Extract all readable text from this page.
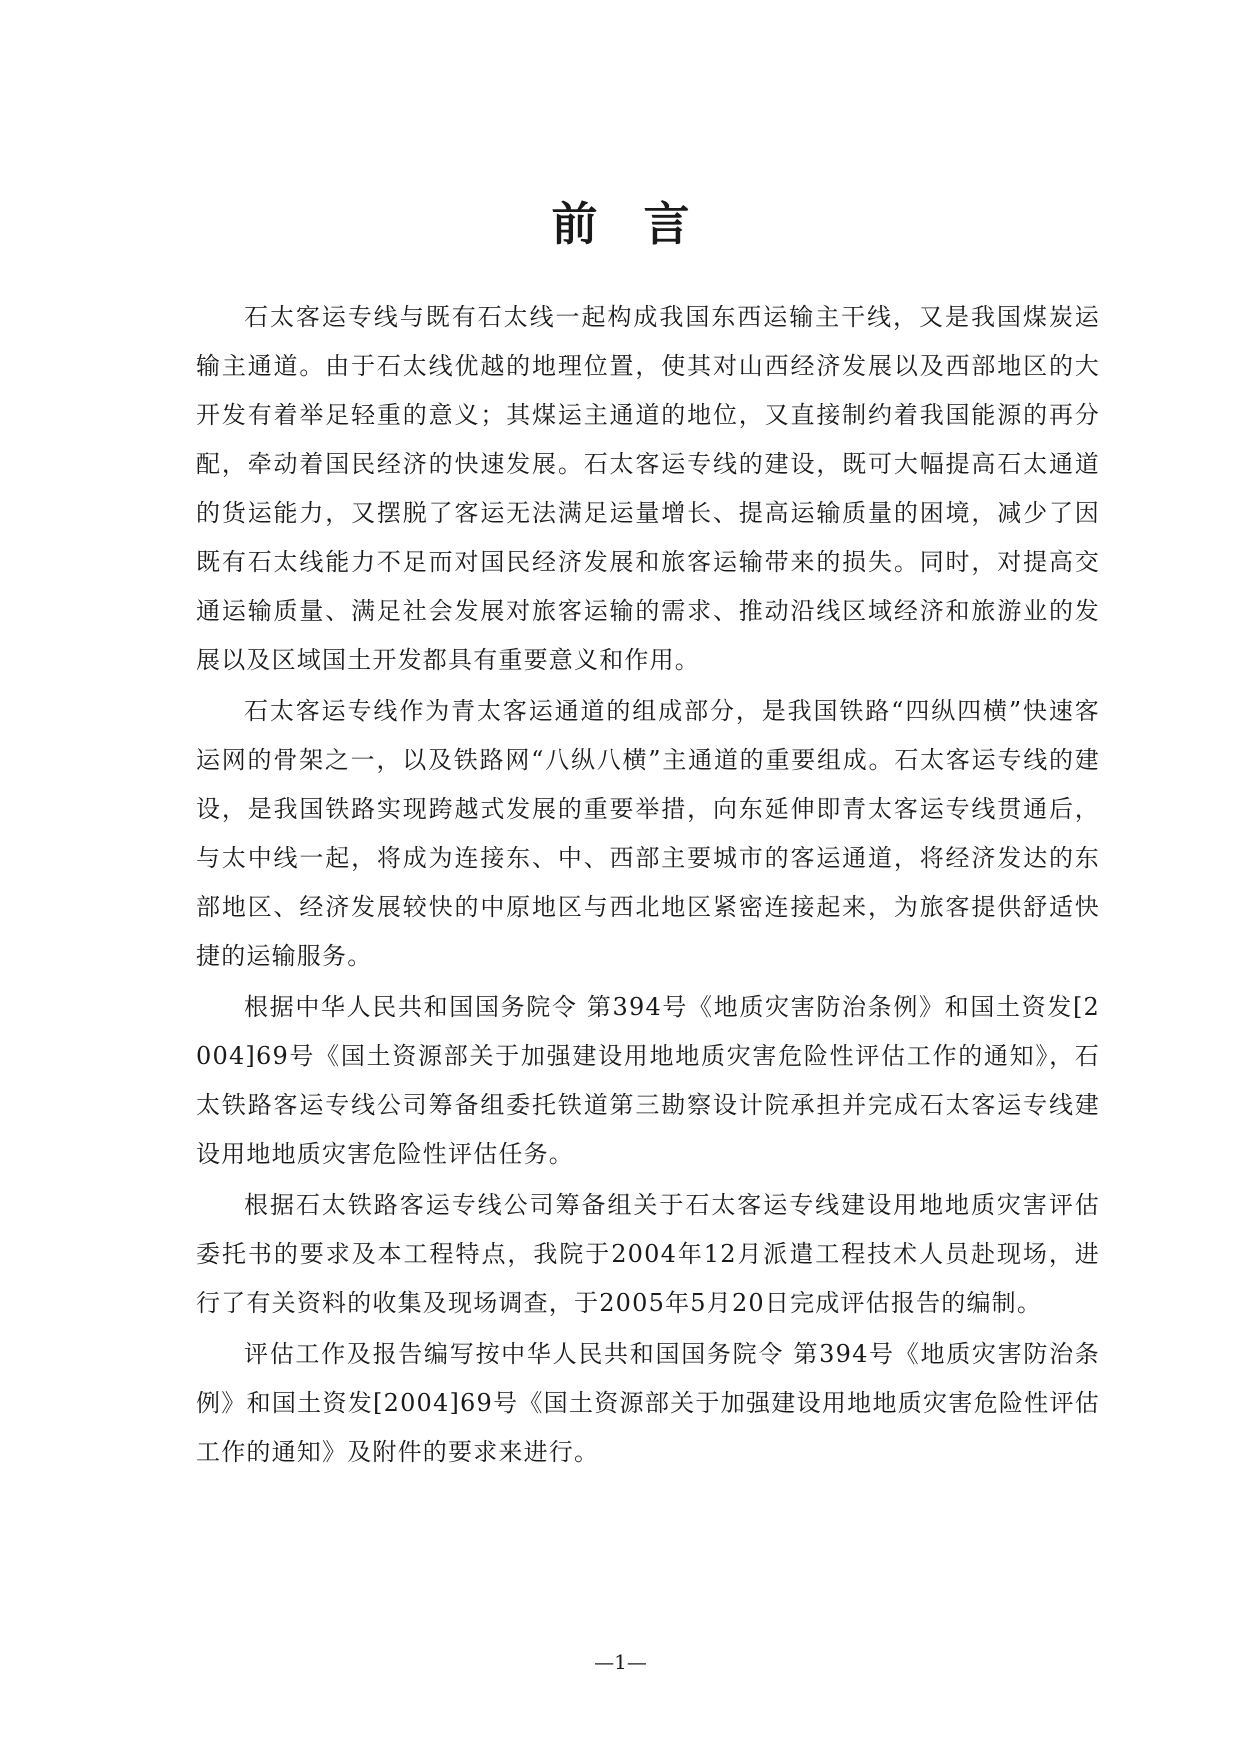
前言

石太客运专线与既有石太线一起构成我国东西运输主干线，又是我国煤炭运输主通道。由于石太线优越的地理位置，使其对山西经济发展以及西部地区的大开发有着举足轻重的意义；其煤运主通道的地位，又直接制约着我国能源的再分配，牵动着国民经济的快速发展。石太客运专线的建设，既可大幅提高石太通道的货运能力，又摆脱了客运无法满足运量增长、提高运输质量的困境，减少了因既有石太线能力不足而对国民经济发展和旅客运输带来的损失。同时，对提高交通运输质量、满足社会发展对旅客运输的需求、推动沿线区域经济和旅游业的发展以及区域国土开发都具有重要意义和作用。

石太客运专线作为青太客运通道的组成部分，是我国铁路“四纵四横”快速客运网的骨架之一，以及铁路网“八纵八横”主通道的重要组成。石太客运专线的建设，是我国铁路实现跨越式发展的重要举措，向东延伸即青太客运专线贯通后，与太中线一起，将成为连接东、中、西部主要城市的客运通道，将经济发达的东部地区、经济发展较快的中原地区与西北地区紧密连接起来，为旅客提供舒适快捷的运输服务。

根据中华人民共和国国务院令 第394号《地质灾害防治条例》和国土资发[2004]69号《国土资源部关于加强建设用地地质灾害危险性评估工作的通知》，石太铁路客运专线公司筹备组委托铁道第三勘察设计院承担并完成石太客运专线建设用地地质灾害危险性评估任务。

根据石太铁路客运专线公司筹备组关于石太客运专线建设用地地质灾害评估委托书的要求及本工程特点，我院于2004年12月派遣工程技术人员赴现场，进行了有关资料的收集及现场调查，于2005年5月20日完成评估报告的编制。

评估工作及报告编写按中华人民共和国国务院令 第394号《地质灾害防治条例》和国土资发[2004]69号《国土资源部关于加强建设用地地质灾害危险性评估工作的通知》及附件的要求来进行。

—1—
